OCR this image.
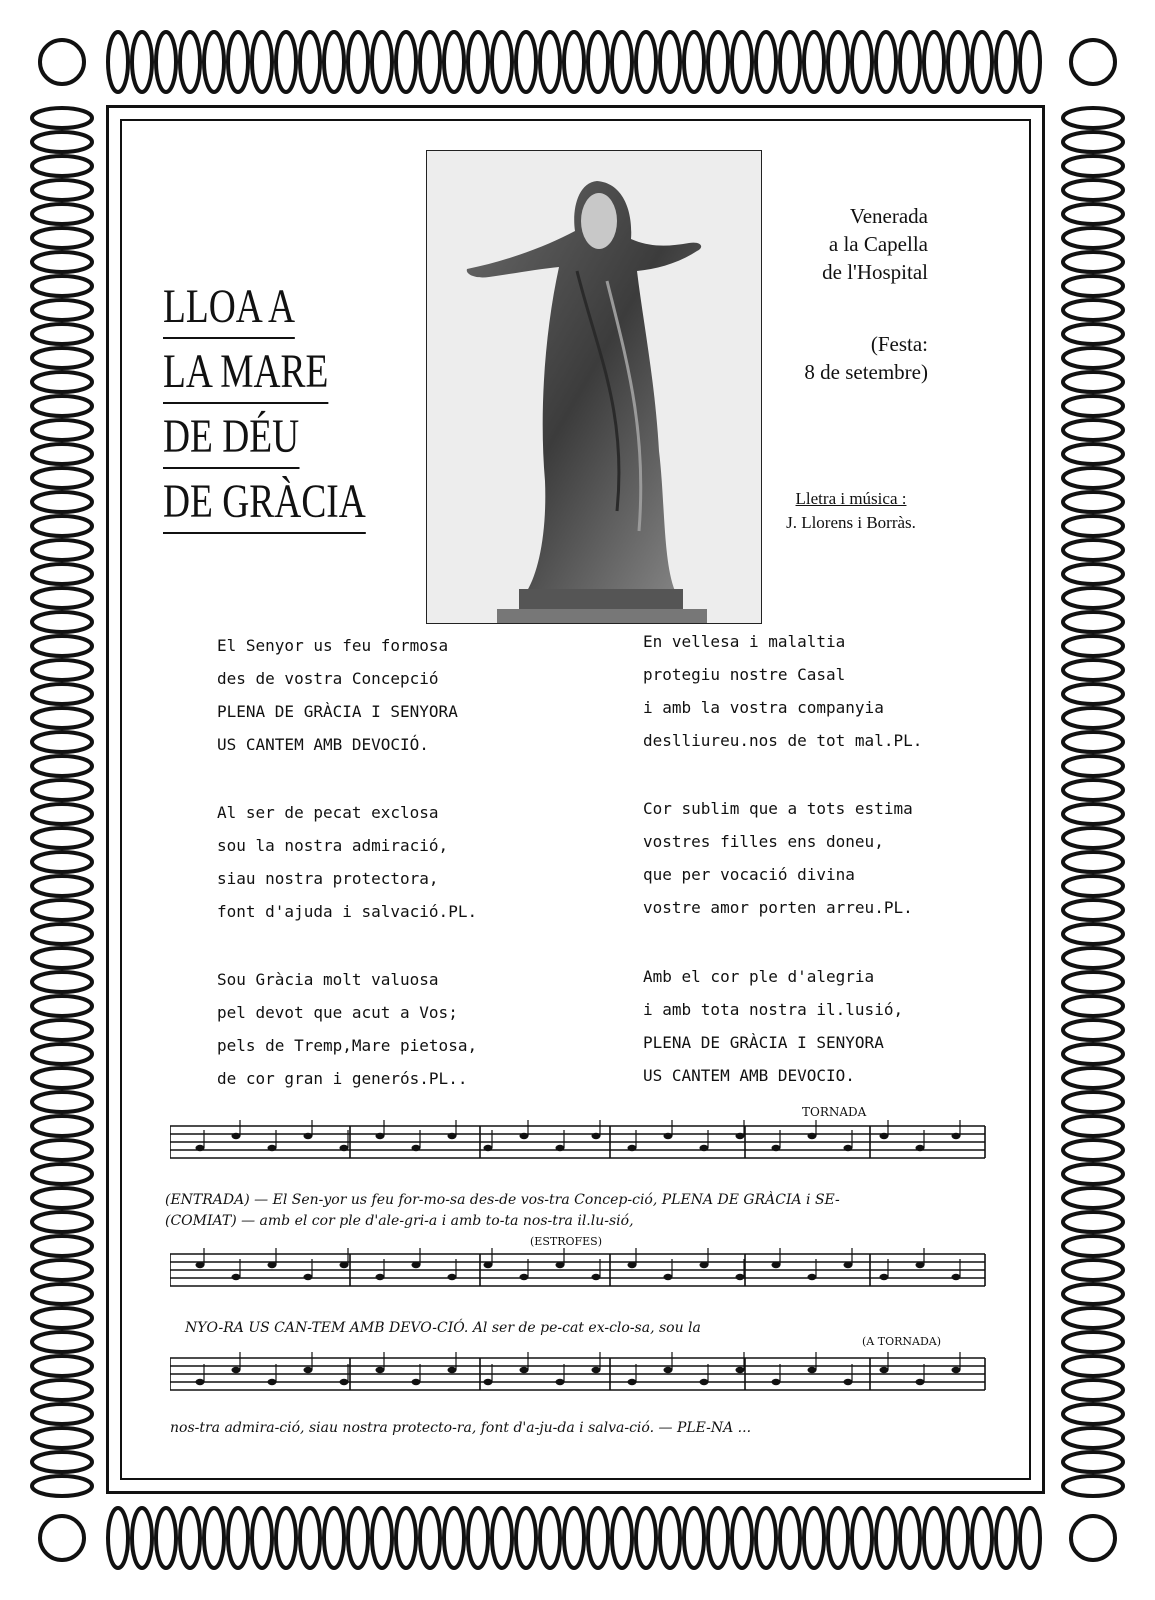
LLOA A
LA MARE
DE DÉU
DE GRÀCIA
Venerada
a la Capella
de l'Hospital
(Festa:
8 de setembre)
Lletra i música :
J. Llorens i Borràs.
El Senyor us feu formosa
des de vostra Concepció
PLENA DE GRÀCIA I SENYORA
US CANTEM AMB DEVOCIÓ.
Al ser de pecat exclosa
sou la nostra admiració,
siau nostra protectora,
font d'ajuda i salvació.PL.
Sou Gràcia molt valuosa
pel devot que acut a Vos;
pels de Tremp,Mare pietosa,
de cor gran i generós.PL..
En vellesa i malaltia
protegiu nostre Casal
i amb la vostra companyia
deslliureu.nos de tot mal.PL.
Cor sublim que a tots estima
vostres filles ens doneu,
que per vocació divina
vostre amor porten arreu.PL.
Amb el cor ple d'alegria
i amb tota nostra il.lusió,
PLENA DE GRÀCIA I SENYORA
US CANTEM AMB DEVOCIO.
TORNADA
(ENTRADA) — El Sen-yor us feu for-mo-sa des-de vos-tra Concep-ció, PLENA DE GRÀCIA i SE-
(COMIAT) — amb el cor ple d'ale-gri-a i amb to-ta nos-tra il.lu-sió,
(ESTROFES)
NYO-RA US CAN-TEM AMB DEVO-CIÓ. Al ser de pe-cat ex-clo-sa, sou la
(A TORNADA)
nos-tra admira-ció, siau nostra protecto-ra, font d'a-ju-da i salva-ció. — PLE-NA ...
